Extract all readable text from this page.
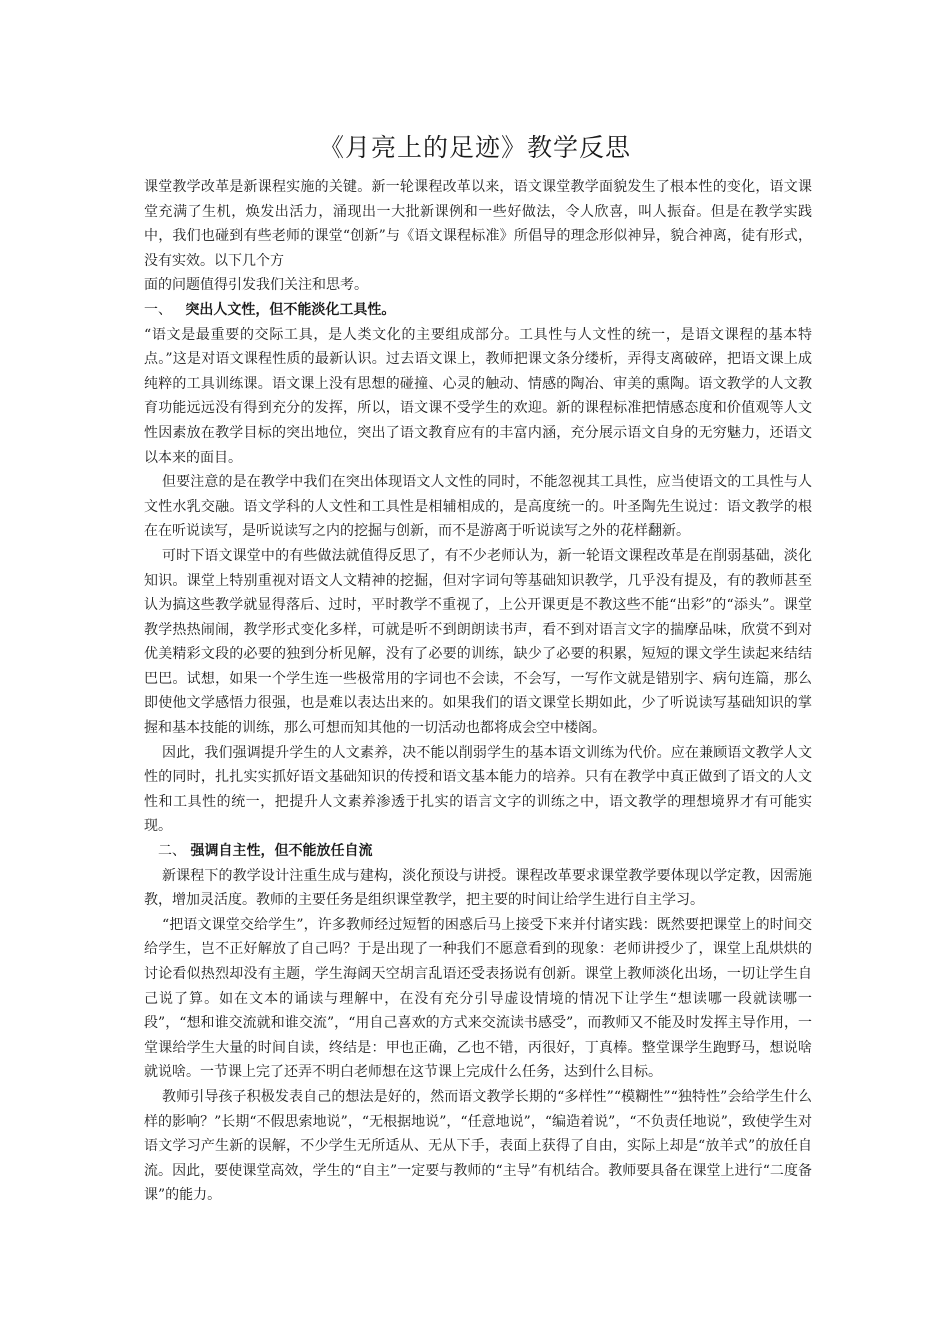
《月亮上的足迹》教学反思

课堂教学改革是新课程实施的关键。新一轮课程改革以来，语文课堂教学面貌发生了根本性的变化，语文课堂充满了生机，焕发出活力，涌现出一大批新课例和一些好做法，令人欣喜，叫人振奋。但是在教学实践中，我们也碰到有些老师的课堂“创新”与《语文课程标准》所倡导的理念形似神异，貌合神离，徒有形式，没有实效。以下几个方

面的问题值得引发我们关注和思考。

一、 突出人文性，但不能淡化工具性。

“语文是最重要的交际工具，是人类文化的主要组成部分。工具性与人文性的统一，是语文课程的基本特点。”这是对语文课程性质的最新认识。过去语文课上，教师把课文条分缕析，弄得支离破碎，把语文课上成纯粹的工具训练课。语文课上没有思想的碰撞、心灵的触动、情感的陶冶、审美的熏陶。语文教学的人文教育功能远远没有得到充分的发挥，所以，语文课不受学生的欢迎。新的课程标准把情感态度和价值观等人文性因素放在教学目标的突出地位，突出了语文教育应有的丰富内涵，充分展示语文自身的无穷魅力，还语文以本来的面目。

但要注意的是在教学中我们在突出体现语文人文性的同时，不能忽视其工具性，应当使语文的工具性与人文性水乳交融。语文学科的人文性和工具性是相辅相成的，是高度统一的。叶圣陶先生说过：语文教学的根在在听说读写，是听说读写之内的挖掘与创新，而不是游离于听说读写之外的花样翻新。

可时下语文课堂中的有些做法就值得反思了，有不少老师认为，新一轮语文课程改革是在削弱基础，淡化知识。课堂上特别重视对语文人文精神的挖掘，但对字词句等基础知识教学，几乎没有提及，有的教师甚至认为搞这些教学就显得落后、过时，平时教学不重视了，上公开课更是不教这些不能“出彩”的“添头”。课堂教学热热闹闹，教学形式变化多样，可就是听不到朗朗读书声，看不到对语言文字的揣摩品味，欣赏不到对优美精彩文段的必要的独到分析见解，没有了必要的训练，缺少了必要的积累，短短的课文学生读起来结结巴巴。试想，如果一个学生连一些极常用的字词也不会读，不会写，一写作文就是错别字、病句连篇，那么即使他文学感悟力很强，也是难以表达出来的。如果我们的语文课堂长期如此，少了听说读写基础知识的掌握和基本技能的训练，那么可想而知其他的一切活动也都将成会空中楼阁。

因此，我们强调提升学生的人文素养，决不能以削弱学生的基本语文训练为代价。应在兼顾语文教学人文性的同时，扎扎实实抓好语文基础知识的传授和语文基本能力的培养。只有在教学中真正做到了语文的人文性和工具性的统一，把提升人文素养渗透于扎实的语言文字的训练之中，语文教学的理想境界才有可能实现。

二、 强调自主性，但不能放任自流

新课程下的教学设计注重生成与建构，淡化预设与讲授。课程改革要求课堂教学要体现以学定教，因需施教，增加灵活度。教师的主要任务是组织课堂教学，把主要的时间让给学生进行自主学习。

“把语文课堂交给学生”，许多教师经过短暂的困惑后马上接受下来并付诸实践：既然要把课堂上的时间交给学生，岂不正好解放了自己吗？于是出现了一种我们不愿意看到的现象：老师讲授少了，课堂上乱烘烘的讨论看似热烈却没有主题，学生海阔天空胡言乱语还受表扬说有创新。课堂上教师淡化出场，一切让学生自己说了算。如在文本的诵读与理解中，在没有充分引导虚设情境的情况下让学生“想读哪一段就读哪一段”，“想和谁交流就和谁交流”，“用自己喜欢的方式来交流读书感受”，而教师又不能及时发挥主导作用，一堂课给学生大量的时间自读，终结是：甲也正确，乙也不错，丙很好，丁真棒。整堂课学生跑野马，想说啥就说啥。一节课上完了还弄不明白老师想在这节课上完成什么任务，达到什么目标。

教师引导孩子积极发表自己的想法是好的，然而语文教学长期的“多样性”“模糊性”“独特性”会给学生什么样的影响？”长期“不假思索地说”，“无根据地说”，“任意地说”，“编造着说”，“不负责任地说”，致使学生对语文学习产生新的误解，不少学生无所适从、无从下手，表面上获得了自由，实际上却是“放羊式”的放任自流。因此，要使课堂高效，学生的“自主”一定要与教师的“主导”有机结合。教师要具备在课堂上进行“二度备课”的能力。
